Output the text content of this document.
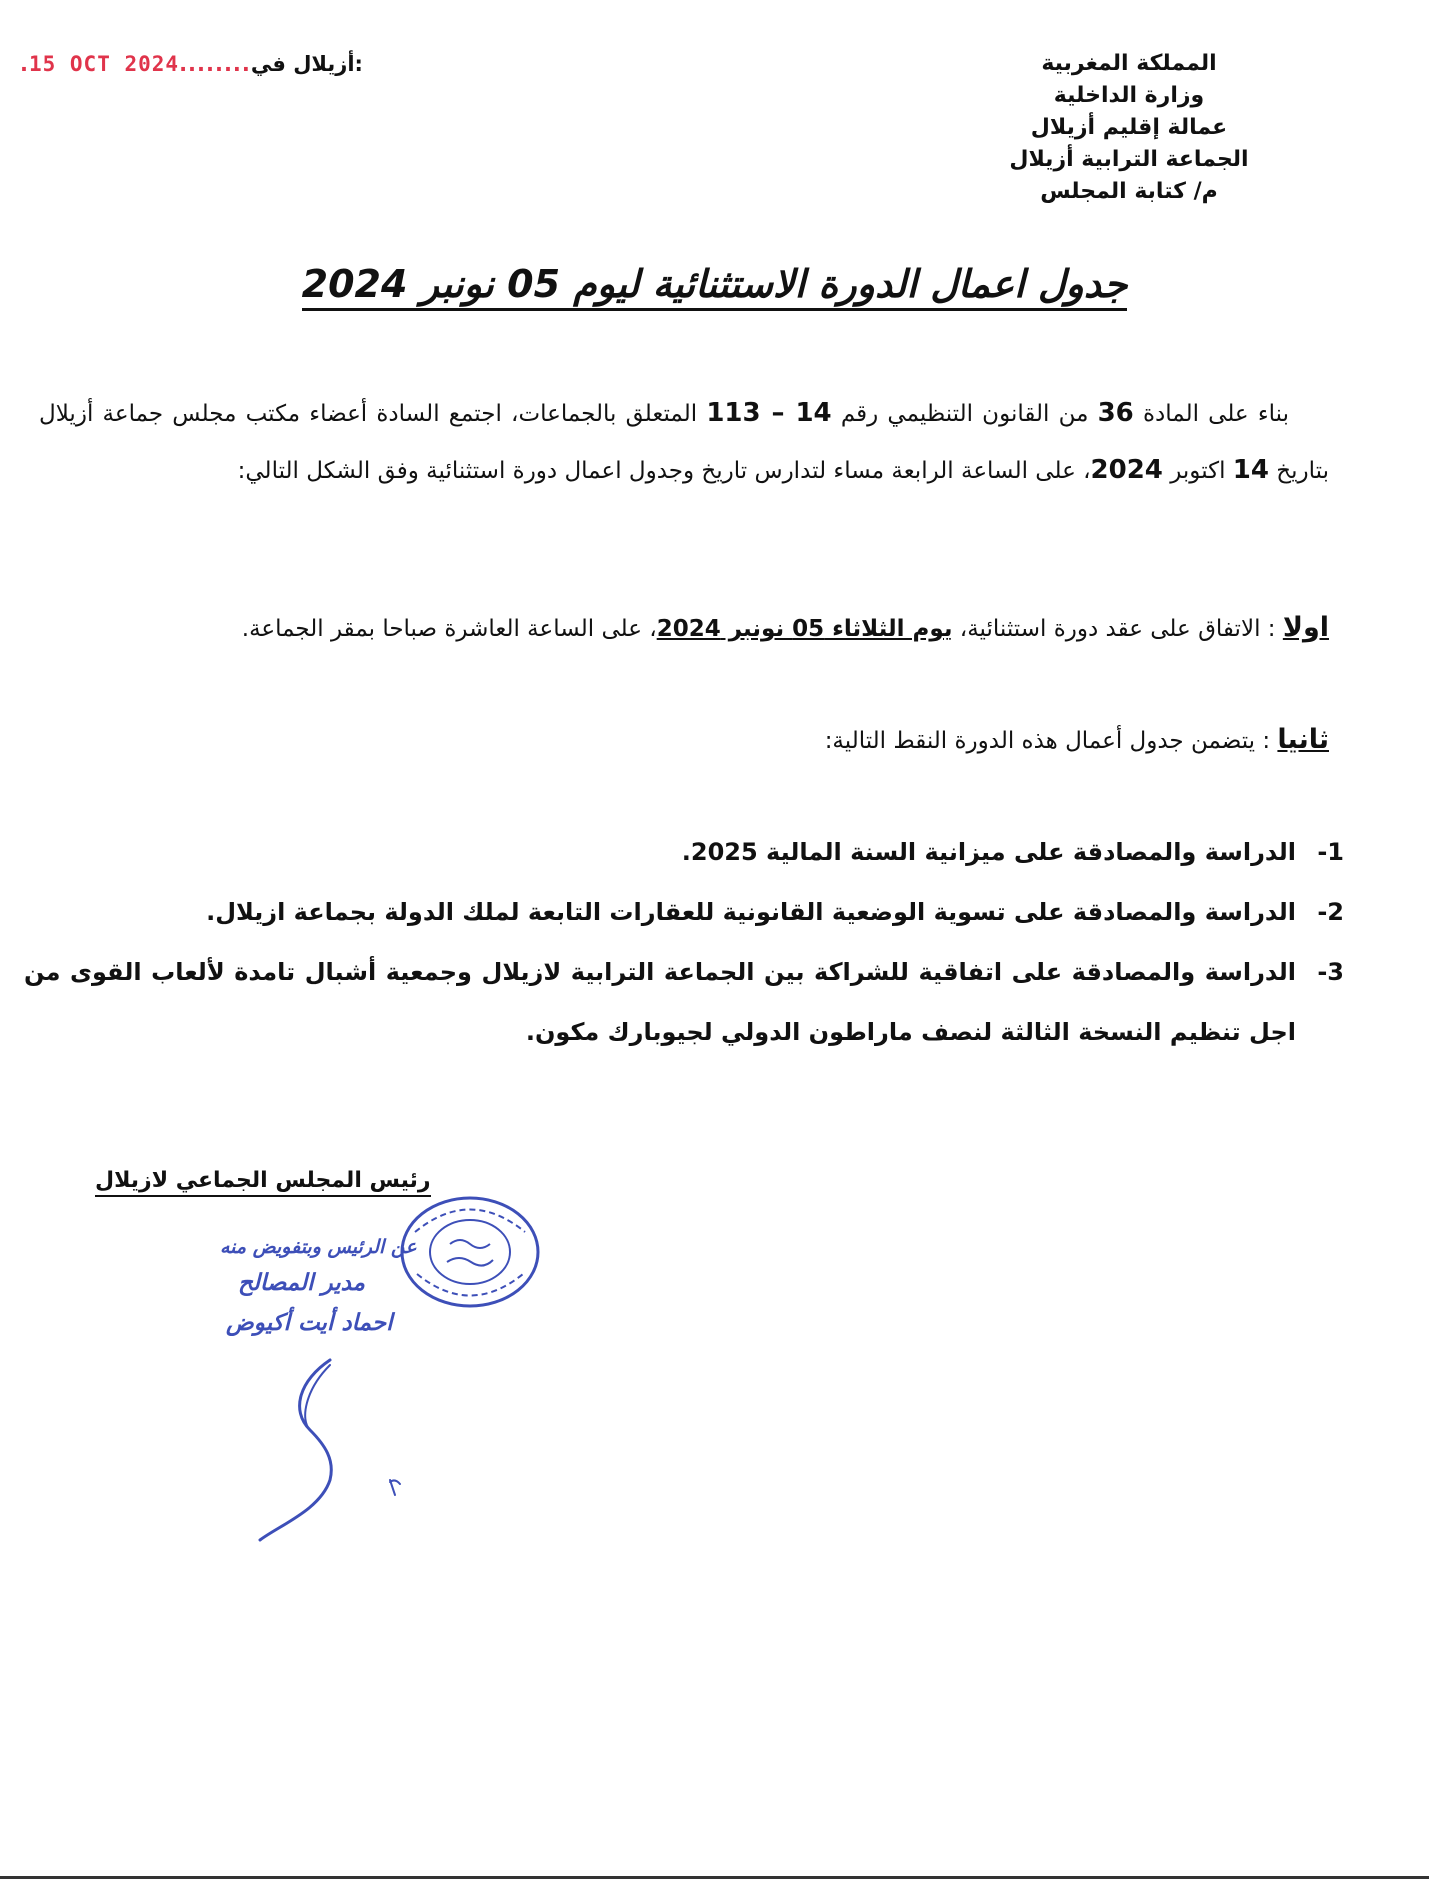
المملكة المغربية
وزارة الداخلية
عمالة إقليم أزيلال
الجماعة الترابية أزيلال
م/ كتابة المجلس
.15 OCT 2024........أزيلال في:
جدول اعمال الدورة الاستثنائية ليوم 05 نونبر 2024

بناء على المادة 36 من القانون التنظيمي رقم 14 – 113 المتعلق بالجماعات، اجتمع السادة أعضاء مكتب مجلس جماعة أزيلال بتاريخ 14 اكتوبر 2024، على الساعة الرابعة مساء لتدارس تاريخ وجدول اعمال دورة استثنائية وفق الشكل التالي:

اولا : الاتفاق على عقد دورة استثنائية، يوم الثلاثاء 05 نونبر 2024، على الساعة العاشرة صباحا بمقر الجماعة.

ثانيا : يتضمن جدول أعمال هذه الدورة النقط التالية:

1-
الدراسة والمصادقة على ميزانية السنة المالية 2025.
2-
الدراسة والمصادقة على تسوية الوضعية القانونية للعقارات التابعة لملك الدولة بجماعة ازيلال.
3-
الدراسة والمصادقة على اتفاقية للشراكة بين الجماعة الترابية لازيلال وجمعية أشبال تامدة لألعاب القوى من اجل تنظيم النسخة الثالثة لنصف ماراطون الدولي لجيوبارك مكون.
رئيس المجلس الجماعي لازيلال
عن الرئيس وبتفويض منه
مدير المصالح
احماد أيت أكيوض
